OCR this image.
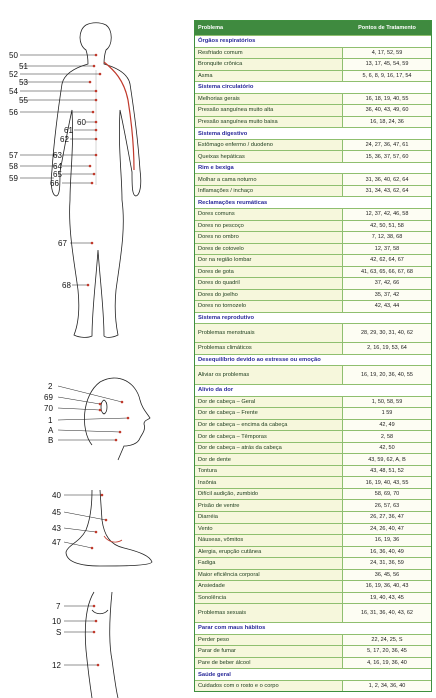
50
51
52
53
54
55
56
60
61
62
57
58
59
63
64
65
66
67
68
2
69
70
1
A
B
40
45
43
47
7
10
S
12
Problema	Pontos de Tratamento
Órgãos respiratórios
Resfriado comum	4, 17, 52, 59
Bronquite crônica	13, 17, 45, 54, 59
Asma	5, 6, 8, 9, 16, 17, 54
Sistema circulatório
Melhorias gerais	16, 18, 19, 40, 55
Pressão sanguínea muito alta	36, 40, 43, 49, 60
Pressão sanguínea muito baixa	16, 18, 24, 36
Sistema digestivo
Estômago enfermo / duodeno	24, 27, 36, 47, 61
Queixas hepáticas	15, 36, 37, 57, 60
Rim e bexiga
Molhar a cama noturno	31, 36, 40, 62, 64
Inflamações / inchaço	31, 34, 43, 62, 64
Reclamações reumáticas
Dores comuns	12, 37, 42, 46, 58
Dores no pescoço	42, 50, 51, 58
Dores no ombro	7, 12, 38, 68
Dores de cotovelo	12, 37, 58
Dor na região lombar	42, 62, 64, 67
Dores de gota	41, 63, 65, 66, 67, 68
Dores do quadril	37, 42, 66
Dores do joelho	35, 37, 42
Dores no tornozelo	42, 43, 44
Sistema reprodutivo
Problemas menstruais	28, 29, 30, 31, 40, 62
Problemas climáticos	2, 16, 19, 53, 64
Desequilíbrio devido ao estresse ou emoção
Aliviar os problemas	16, 19, 20, 36, 40, 55
Alívio da dor
Dor de cabeça – Geral	1, 50, 58, 59
Dor de cabeça – Frente	1 59
Dor de cabeça – encima da cabeça	42, 49
Dor de cabeça – Têmporas	2, 58
Dor de cabeça – atrás da cabeça	42, 50
Dor de dente	43, 59, 62, A, B
Tontura	43, 48, 51, 52
Insônia	16, 19, 40, 43, 55
Difícil audição, zumbido	58, 69, 70
Prisão de ventre	26, 57, 63
Diarréia	26, 27, 36, 47
Vento	24, 26, 40, 47
Náuseas, vômitos	16, 19, 36
Alergia, erupção cutânea	16, 36, 40, 49
Fadiga	24, 31, 36, 59
Maior eficiência corporal	36, 45, 56
Ansiedade	16, 19, 36, 40, 43
Sonolência	19, 40, 43, 45
Problemas sexuais	16, 31, 36, 40, 43, 62
Parar com maus hábitos
Perder peso	22, 24, 25, S
Parar de fumar	5, 17, 20, 36, 45
Pare de beber álcool	4, 16, 19, 36, 40
Saúde geral
Cuidados com o rosto e o corpo	1, 2, 34, 36, 40
